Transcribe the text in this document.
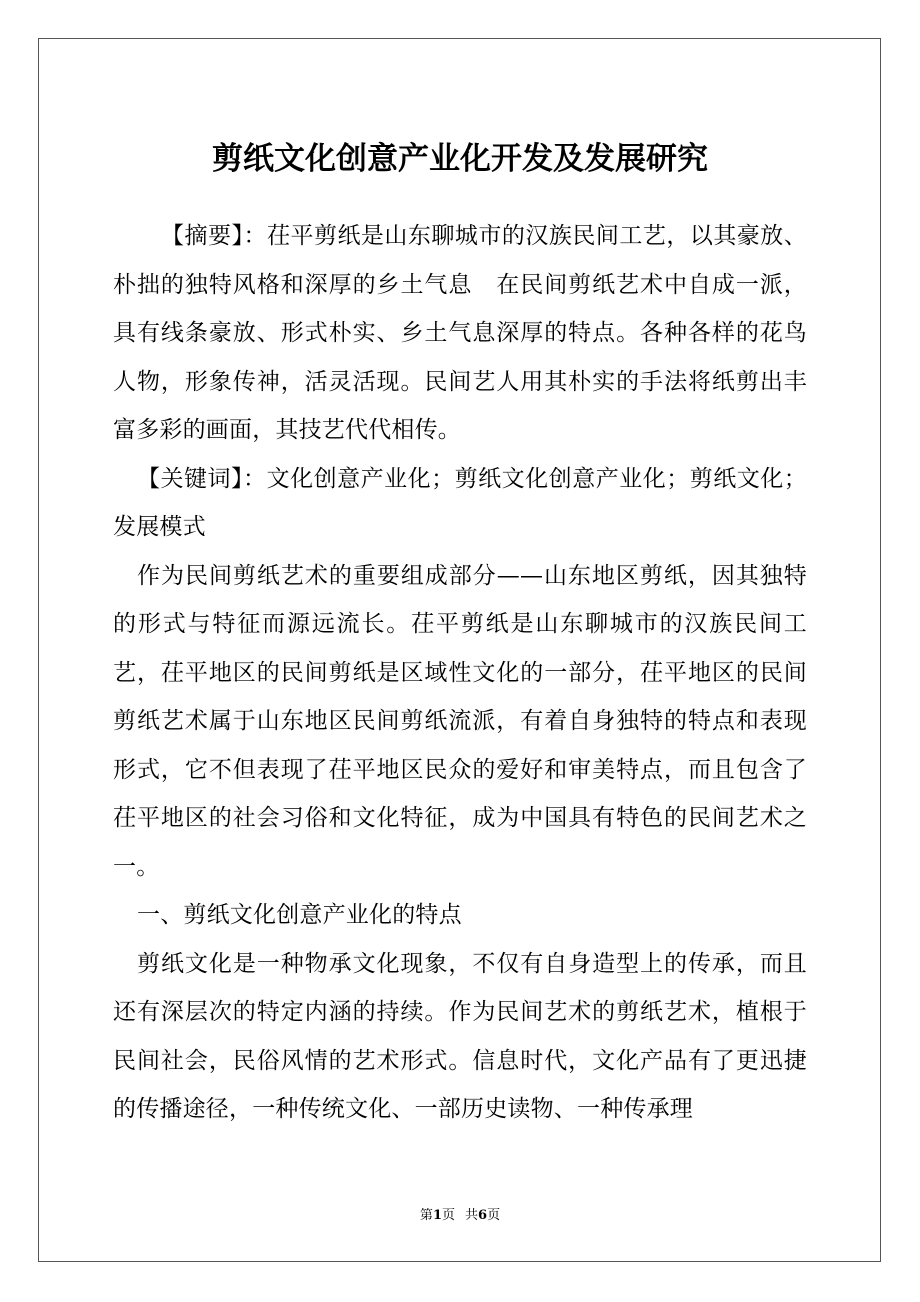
剪纸文化创意产业化开发及发展研究

【摘要】：茌平剪纸是山东聊城市的汉族民间工艺，以其豪放、朴拙的独特风格和深厚的乡土气息　在民间剪纸艺术中自成一派，具有线条豪放、形式朴实、乡土气息深厚的特点。各种各样的花鸟人物，形象传神，活灵活现。民间艺人用其朴实的手法将纸剪出丰富多彩的画面，其技艺代代相传。

【关键词】：文化创意产业化；剪纸文化创意产业化；剪纸文化；发展模式

作为民间剪纸艺术的重要组成部分——山东地区剪纸，因其独特的形式与特征而源远流长。茌平剪纸是山东聊城市的汉族民间工艺，茌平地区的民间剪纸是区域性文化的一部分，茌平地区的民间剪纸艺术属于山东地区民间剪纸流派，有着自身独特的特点和表现形式，它不但表现了茌平地区民众的爱好和审美特点，而且包含了茌平地区的社会习俗和文化特征，成为中国具有特色的民间艺术之一。

一、剪纸文化创意产业化的特点

剪纸文化是一种物承文化现象，不仅有自身造型上的传承，而且还有深层次的特定内涵的持续。作为民间艺术的剪纸艺术，植根于民间社会，民俗风情的艺术形式。信息时代，文化产品有了更迅捷的传播途径，一种传统文化、一部历史读物、一种传承理

第1页 共6页
